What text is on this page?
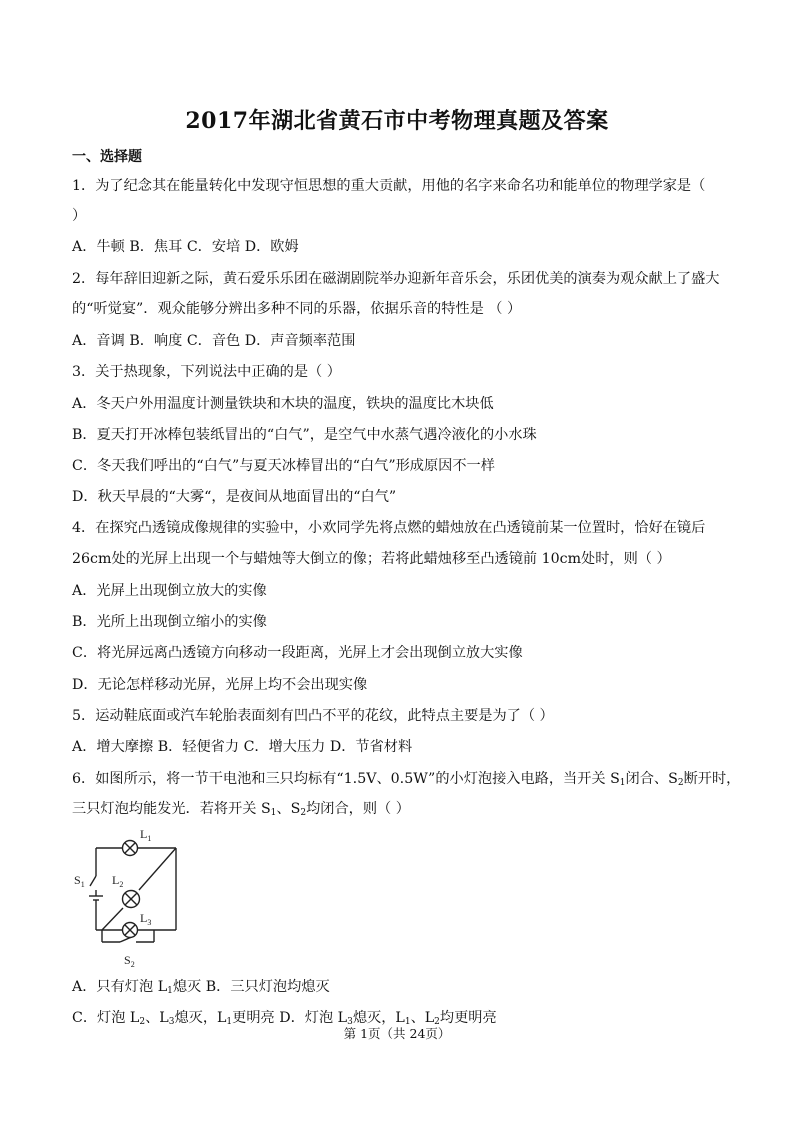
2017年湖北省黄石市中考物理真题及答案
一、选择题
1．为了纪念其在能量转化中发现守恒思想的重大贡献，用他的名字来命名功和能单位的物理学家是（
）
A．牛顿 B．焦耳 C．安培 D．欧姆
2．每年辞旧迎新之际，黄石爱乐乐团在磁湖剧院举办迎新年音乐会，乐团优美的演奏为观众献上了盛大
的“听觉宴”．观众能够分辨出多种不同的乐器，依据乐音的特性是 （ ）
A．音调 B．响度 C．音色 D．声音频率范围
3．关于热现象，下列说法中正确的是（ ）
A．冬天户外用温度计测量铁块和木块的温度，铁块的温度比木块低
B．夏天打开冰棒包装纸冒出的“白气”，是空气中水蒸气遇冷液化的小水珠
C．冬天我们呼出的“白气”与夏天冰棒冒出的“白气”形成原因不一样
D．秋天早晨的“大雾“，是夜间从地面冒出的“白气”
4．在探究凸透镜成像规律的实验中，小欢同学先将点燃的蜡烛放在凸透镜前某一位置时，恰好在镜后
26cm处的光屏上出现一个与蜡烛等大倒立的像；若将此蜡烛移至凸透镜前 10cm处时，则（ ）
A．光屏上出现倒立放大的实像
B．光所上出现倒立缩小的实像
C．将光屏远离凸透镜方向移动一段距离，光屏上才会出现倒立放大实像
D．无论怎样移动光屏，光屏上均不会出现实像
5．运动鞋底面或汽车轮胎表面刻有凹凸不平的花纹，此特点主要是为了（ ）
A．增大摩擦 B．轻便省力 C．增大压力 D．节省材料
6．如图所示，将一节干电池和三只均标有“1.5V、0.5W”的小灯泡接入电路，当开关 $S_1$闭合、$S_2$断开时，
三只灯泡均能发光．若将开关 $S_1$、$S_2$均闭合，则（ ）
$L_1$
$L_2$
$L_3$
$S_1$
$S_2$
A．只有灯泡 $L_1$熄灭 B．三只灯泡均熄灭
C．灯泡 $L_2$、$L_3$熄灭，$L_1$更明亮 D．灯泡 $L_3$熄灭，$L_1$、$L_2$均更明亮
第 1页（共 24页）
